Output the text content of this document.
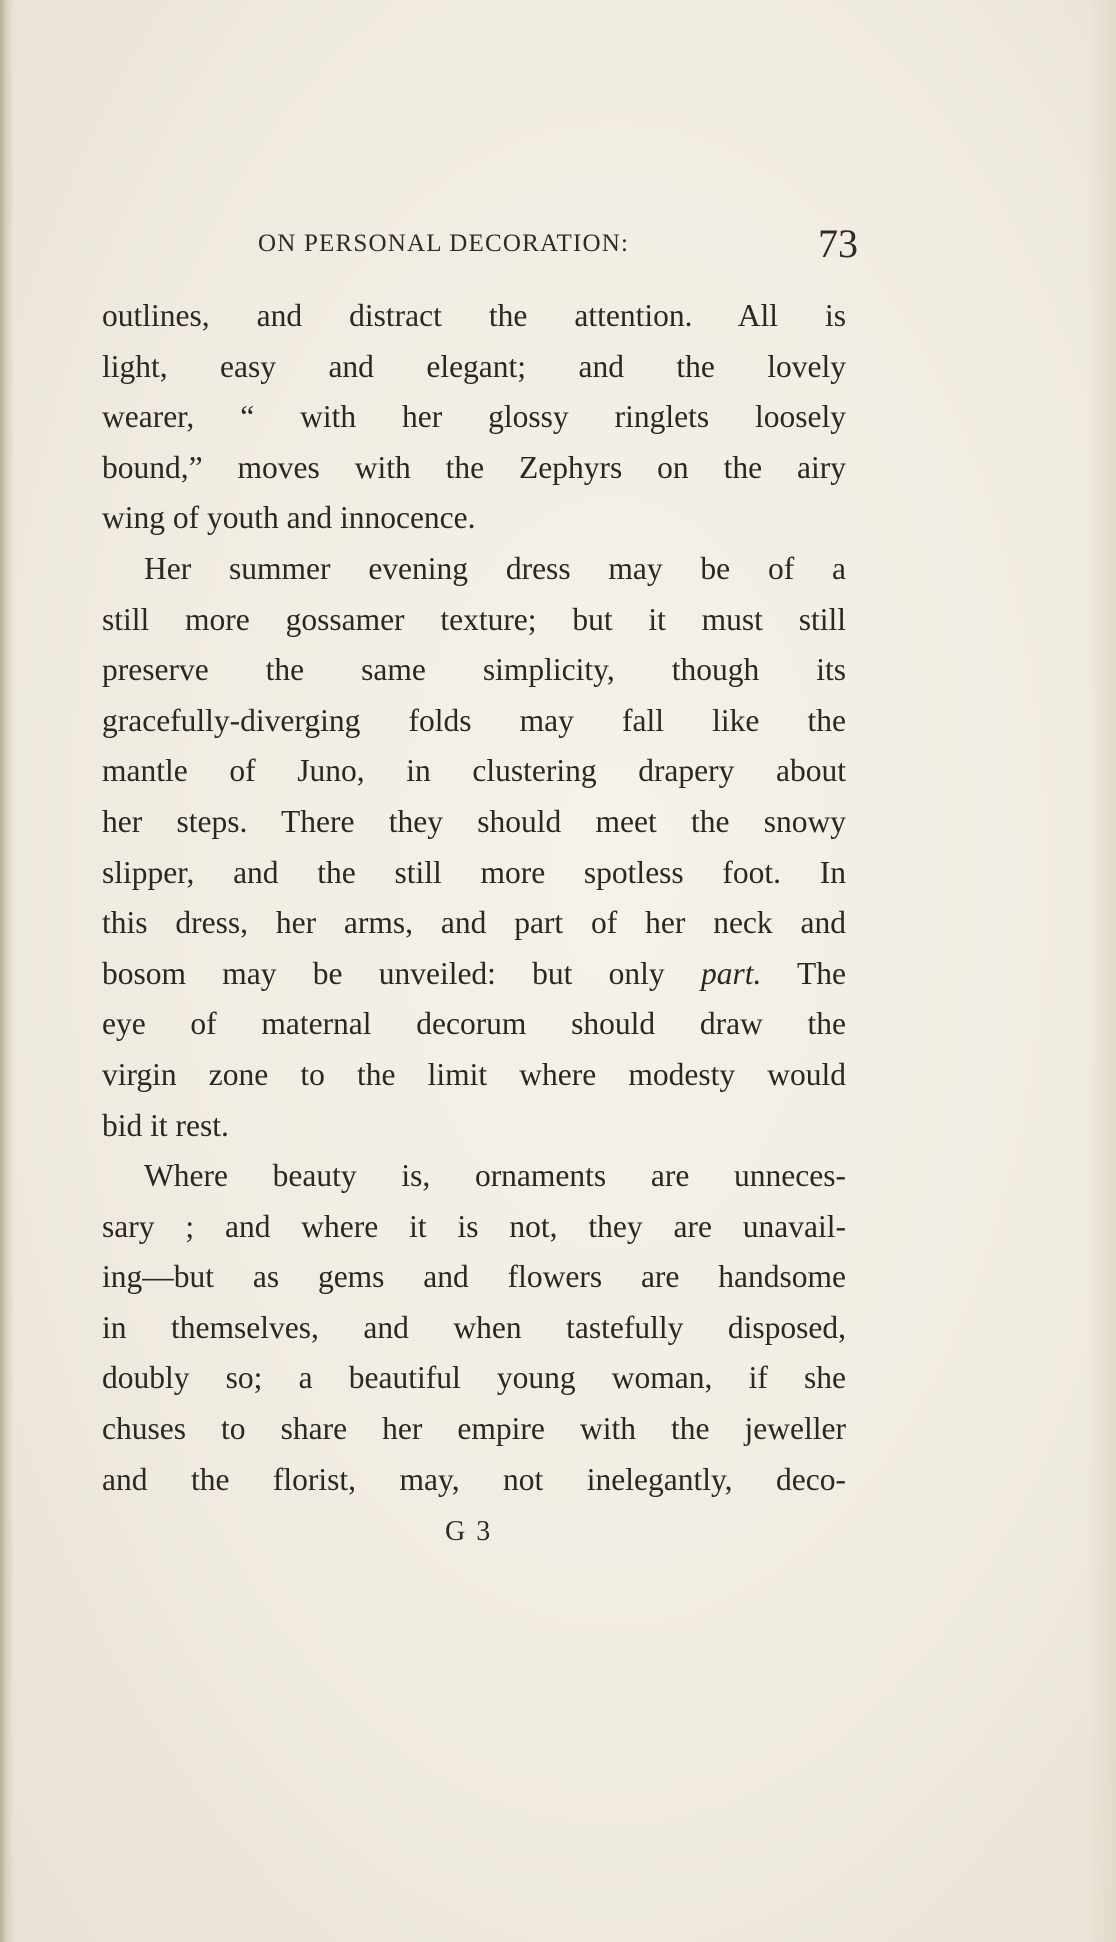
ON PERSONAL DECORATION:	73
outlines, and distract the attention. All is
light, easy and elegant; and the lovely
wearer, “ with her glossy ringlets loosely
bound,” moves with the Zephyrs on the airy
wing of youth and innocence.
Her summer evening dress may be of a
still more gossamer texture; but it must still
preserve the same simplicity, though its
gracefully-diverging folds may fall like the
mantle of Juno, in clustering drapery about
her steps. There they should meet the snowy
slipper, and the still more spotless foot. In
this dress, her arms, and part of her neck and
bosom may be unveiled: but only part. The
eye of maternal decorum should draw the
virgin zone to the limit where modesty would
bid it rest.
Where beauty is, ornaments are unneces-
sary ; and where it is not, they are unavail-
ing—but as gems and flowers are handsome
in themselves, and when tastefully disposed,
doubly so; a beautiful young woman, if she
chuses to share her empire with the jeweller
and the florist, may, not inelegantly, deco-
G 3
